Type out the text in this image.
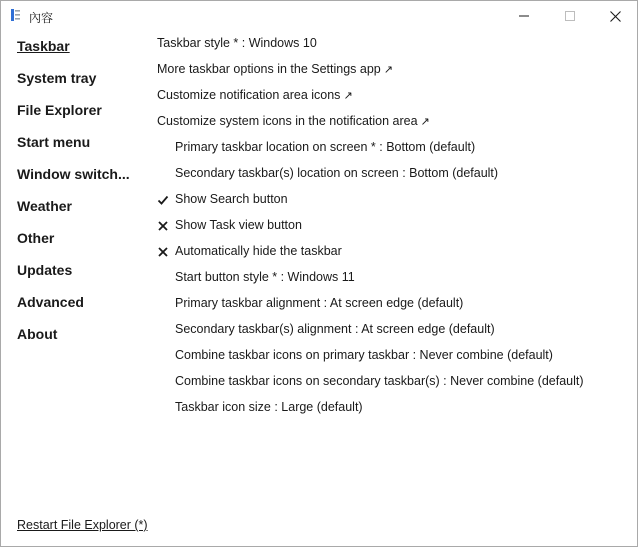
內容
Taskbar
System tray
File Explorer
Start menu
Window switch...
Weather
Other
Updates
Advanced
About
Restart File Explorer (*)
Taskbar style * : Windows 10
More taskbar options in the Settings app ↗
Customize notification area icons ↗
Customize system icons in the notification area ↗
Primary taskbar location on screen * : Bottom (default)
Secondary taskbar(s) location on screen : Bottom (default)
Show Search button
Show Task view button
Automatically hide the taskbar
Start button style * : Windows 11
Primary taskbar alignment : At screen edge (default)
Secondary taskbar(s) alignment : At screen edge (default)
Combine taskbar icons on primary taskbar : Never combine (default)
Combine taskbar icons on secondary taskbar(s) : Never combine (default)
Taskbar icon size : Large (default)
